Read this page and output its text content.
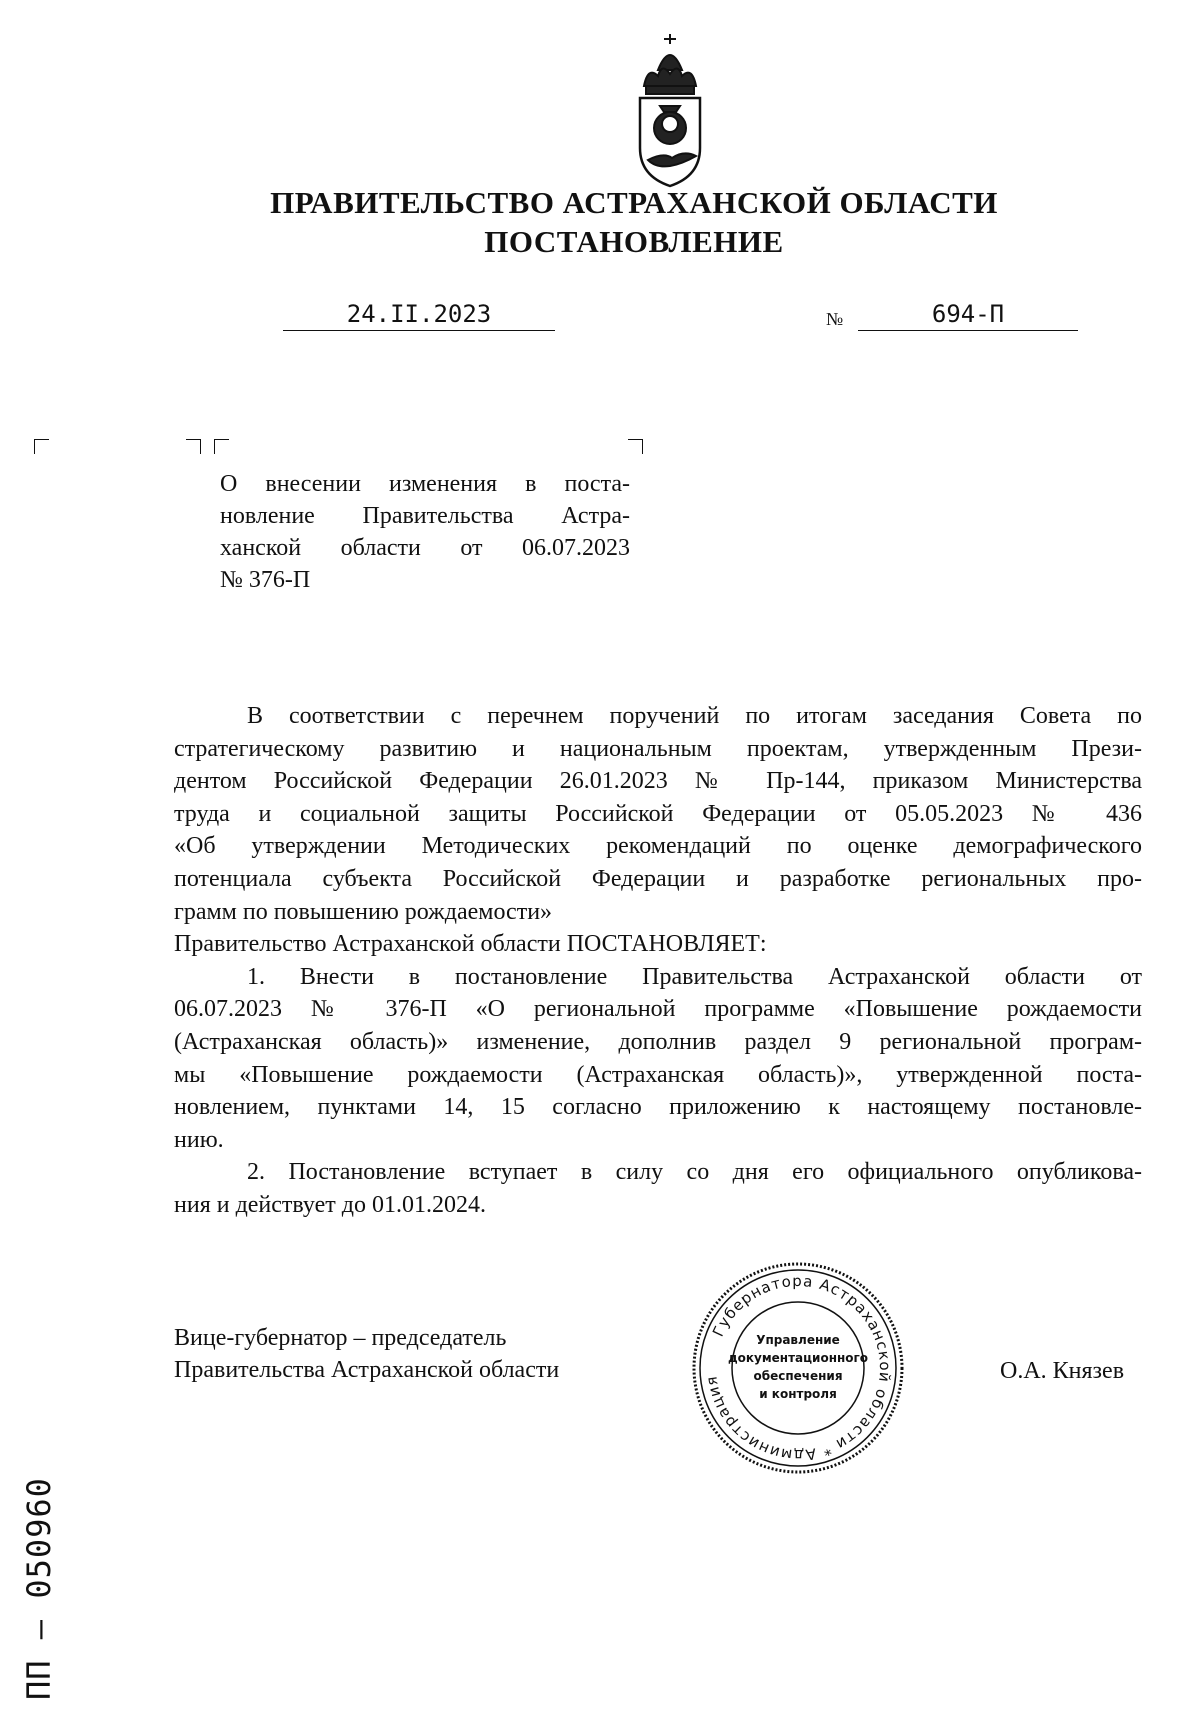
ПРАВИТЕЛЬСТВО АСТРАХАНСКОЙ ОБЛАСТИ
ПОСТАНОВЛЕНИЕ
24.II.2023	№	694-П
О внесении изменения в поста-
новление Правительства Астра-
ханской области от 06.07.2023
№ 376-П
В соответствии с перечнем поручений по итогам заседания Совета по
стратегическому развитию и национальным проектам, утвержденным Прези-
дентом Российской Федерации 26.01.2023 № Пр-144, приказом Министерства
труда и социальной защиты Российской Федерации от 05.05.2023 № 436
«Об утверждении Методических рекомендаций по оценке демографического
потенциала субъекта Российской Федерации и разработке региональных про-
грамм по повышению рождаемости»
Правительство Астраханской области ПОСТАНОВЛЯЕТ:
1. Внести в постановление Правительства Астраханской области от
06.07.2023 № 376-П «О региональной программе «Повышение рождаемости
(Астраханская область)» изменение, дополнив раздел 9 региональной програм-
мы «Повышение рождаемости (Астраханская область)», утвержденной поста-
новлением, пунктами 14, 15 согласно приложению к настоящему постановле-
нию.
2. Постановление вступает в силу со дня его официального опубликова-
ния и действует до 01.01.2024.
Вице-губернатор – председатель
Правительства Астраханской области	О.А. Князев
Губернатора Астраханской области * Администрация
Управление
документационного
обеспечения
и контроля
ПП – 050960
